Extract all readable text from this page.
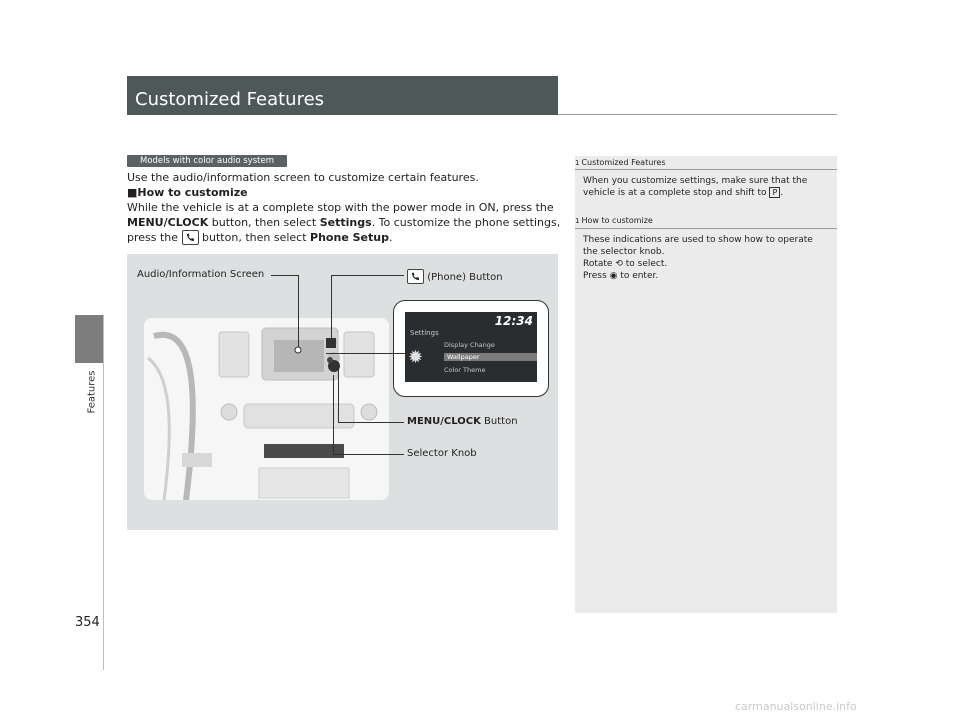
Features
354
Customized Features
Models with color audio system
Use the audio/information screen to customize certain features.
■How to customize
While the vehicle is at a complete stop with the power mode in ON, press the
MENU/CLOCK button, then select Settings. To customize the phone settings,
press the  button, then select Phone Setup.
12:34
Settings
✹
Display Change
Wallpaper
Color Theme
Audio/Information Screen	(Phone) Button
MENU/CLOCK Button
Selector Knob
1 Customized Features
When you customize settings, make sure that the
vehicle is at a complete stop and shift to P .
1 How to customize
These indications are used to show how to operate
the selector knob.
Rotate ⟲ to select.
Press ◉ to enter.
carmanualsonline.info
